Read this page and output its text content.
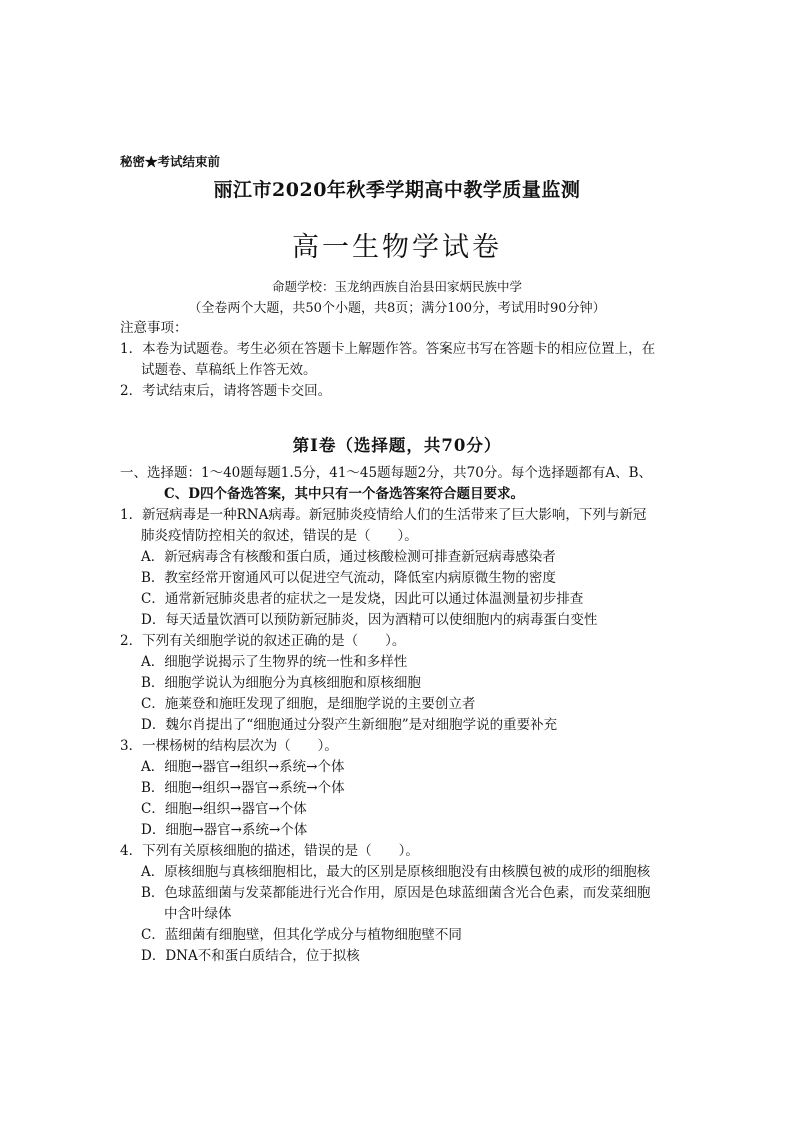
秘密★考试结束前
丽江市2020年秋季学期高中教学质量监测
高一生物学试卷
命题学校：玉龙纳西族自治县田家炳民族中学
（全卷两个大题，共50个小题，共8页；满分100分，考试用时90分钟）
注意事项：
1．本卷为试题卷。考生必须在答题卡上解题作答。答案应书写在答题卡的相应位置上，在
试题卷、草稿纸上作答无效。
2．考试结束后，请将答题卡交回。
第Ⅰ卷（选择题，共70分）
一、选择题：1～40题每题1.5分，41～45题每题2分，共70分。每个选择题都有A、B、
C、D四个备选答案，其中只有一个备选答案符合题目要求。
1．新冠病毒是一种RNA病毒。新冠肺炎疫情给人们的生活带来了巨大影响，下列与新冠
肺炎疫情防控相关的叙述，错误的是（　　）。
A．新冠病毒含有核酸和蛋白质，通过核酸检测可排查新冠病毒感染者
B．教室经常开窗通风可以促进空气流动，降低室内病原微生物的密度
C．通常新冠肺炎患者的症状之一是发烧，因此可以通过体温测量初步排查
D．每天适量饮酒可以预防新冠肺炎，因为酒精可以使细胞内的病毒蛋白变性
2．下列有关细胞学说的叙述正确的是（　　）。
A．细胞学说揭示了生物界的统一性和多样性
B．细胞学说认为细胞分为真核细胞和原核细胞
C．施莱登和施旺发现了细胞，是细胞学说的主要创立者
D．魏尔肖提出了“细胞通过分裂产生新细胞”是对细胞学说的重要补充
3．一棵杨树的结构层次为（　　）。
A．细胞→器官→组织→系统→个体
B．细胞→组织→器官→系统→个体
C．细胞→组织→器官→个体
D．细胞→器官→系统→个体
4．下列有关原核细胞的描述，错误的是（　　）。
A．原核细胞与真核细胞相比，最大的区别是原核细胞没有由核膜包被的成形的细胞核
B．色球蓝细菌与发菜都能进行光合作用，原因是色球蓝细菌含光合色素，而发菜细胞
中含叶绿体
C．蓝细菌有细胞壁，但其化学成分与植物细胞壁不同
D．DNA不和蛋白质结合，位于拟核
